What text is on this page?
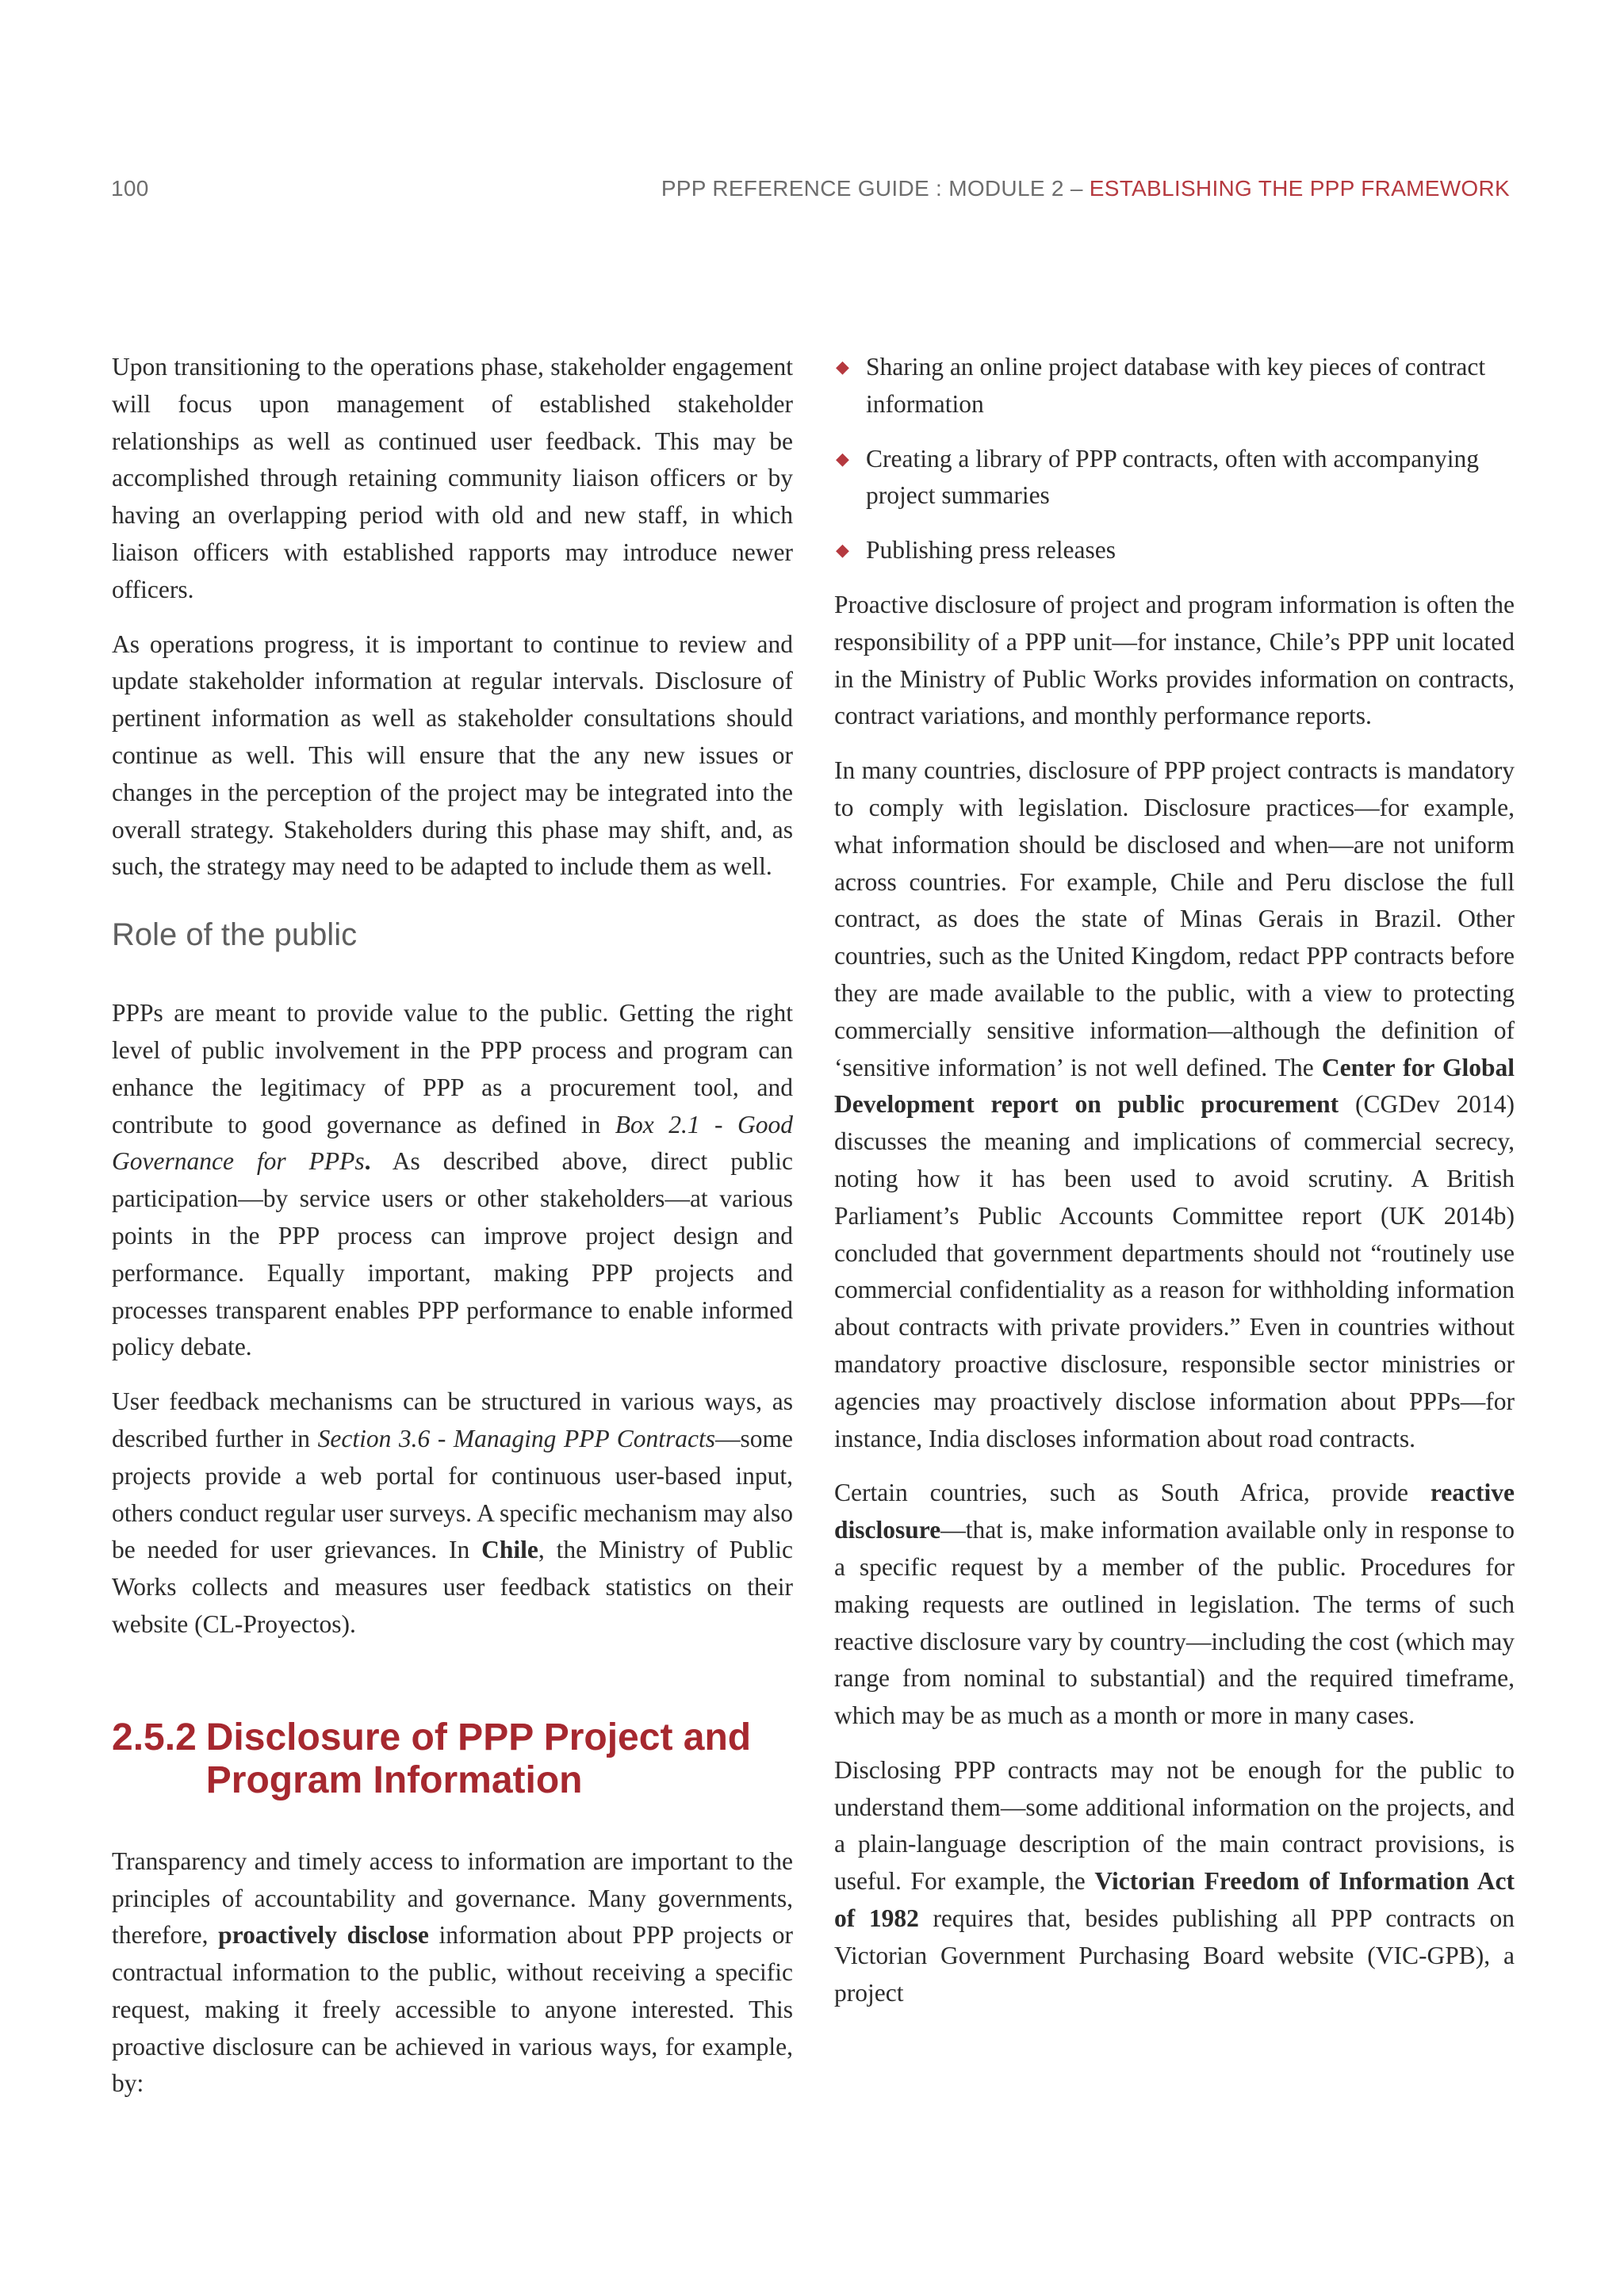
100	PPP REFERENCE GUIDE : MODULE 2 – ESTABLISHING THE PPP FRAMEWORK

Upon transitioning to the operations phase, stakeholder engagement will focus upon management of established stakeholder relationships as well as continued user feedback. This may be accomplished through retaining community liaison officers or by having an overlapping period with old and new staff, in which liaison officers with established rapports may introduce newer officers.

As operations progress, it is important to continue to review and update stakeholder information at regular intervals. Disclosure of pertinent information as well as stakeholder consultations should continue as well. This will ensure that the any new issues or changes in the perception of the project may be integrated into the overall strategy. Stakeholders during this phase may shift, and, as such, the strategy may need to be adapted to include them as well.

Role of the public

PPPs are meant to provide value to the public. Getting the right level of public involvement in the PPP process and program can enhance the legitimacy of PPP as a procurement tool, and contribute to good governance as defined in Box 2.1 - Good Governance for PPPs. As described above, direct public participation—by service users or other stakeholders—at various points in the PPP process can improve project design and performance. Equally important, making PPP projects and processes transparent enables PPP performance to enable informed policy debate.

User feedback mechanisms can be structured in various ways, as described further in Section 3.6 - Managing PPP Contracts—some projects provide a web portal for continuous user-based input, others conduct regular user surveys. A specific mechanism may also be needed for user grievances. In Chile, the Ministry of Public Works collects and measures user feedback statistics on their website (CL-Proyectos).

2.5.2 Disclosure of PPP Project and Program Information

Transparency and timely access to information are important to the principles of accountability and governance. Many governments, therefore, proactively disclose information about PPP projects or contractual information to the public, without receiving a specific request, making it freely accessible to anyone interested. This proactive disclosure can be achieved in various ways, for example, by:

◆ Sharing an online project database with key pieces of contract information
◆ Creating a library of PPP contracts, often with accompanying project summaries
◆ Publishing press releases

Proactive disclosure of project and program information is often the responsibility of a PPP unit—for instance, Chile’s PPP unit located in the Ministry of Public Works provides information on contracts, contract variations, and monthly performance reports.

In many countries, disclosure of PPP project contracts is mandatory to comply with legislation. Disclosure practices—for example, what information should be disclosed and when—are not uniform across countries. For example, Chile and Peru disclose the full contract, as does the state of Minas Gerais in Brazil. Other countries, such as the United Kingdom, redact PPP contracts before they are made available to the public, with a view to protecting commercially sensitive information—although the definition of ‘sensitive information’ is not well defined. The Center for Global Development report on public procurement (CGDev 2014) discusses the meaning and implications of commercial secrecy, noting how it has been used to avoid scrutiny. A British Parliament’s Public Accounts Committee report (UK 2014b) concluded that government departments should not “routinely use commercial confidentiality as a reason for withholding information about contracts with private providers.” Even in countries without mandatory proactive disclosure, responsible sector ministries or agencies may proactively disclose information about PPPs—for instance, India discloses information about road contracts.

Certain countries, such as South Africa, provide reactive disclosure—that is, make information available only in response to a specific request by a member of the public. Procedures for making requests are outlined in legislation. The terms of such reactive disclosure vary by country—including the cost (which may range from nominal to substantial) and the required timeframe, which may be as much as a month or more in many cases.

Disclosing PPP contracts may not be enough for the public to understand them—some additional information on the projects, and a plain-language description of the main contract provisions, is useful. For example, the Victorian Freedom of Information Act of 1982 requires that, besides publishing all PPP contracts on Victorian Government Purchasing Board website (VIC-GPB), a project
